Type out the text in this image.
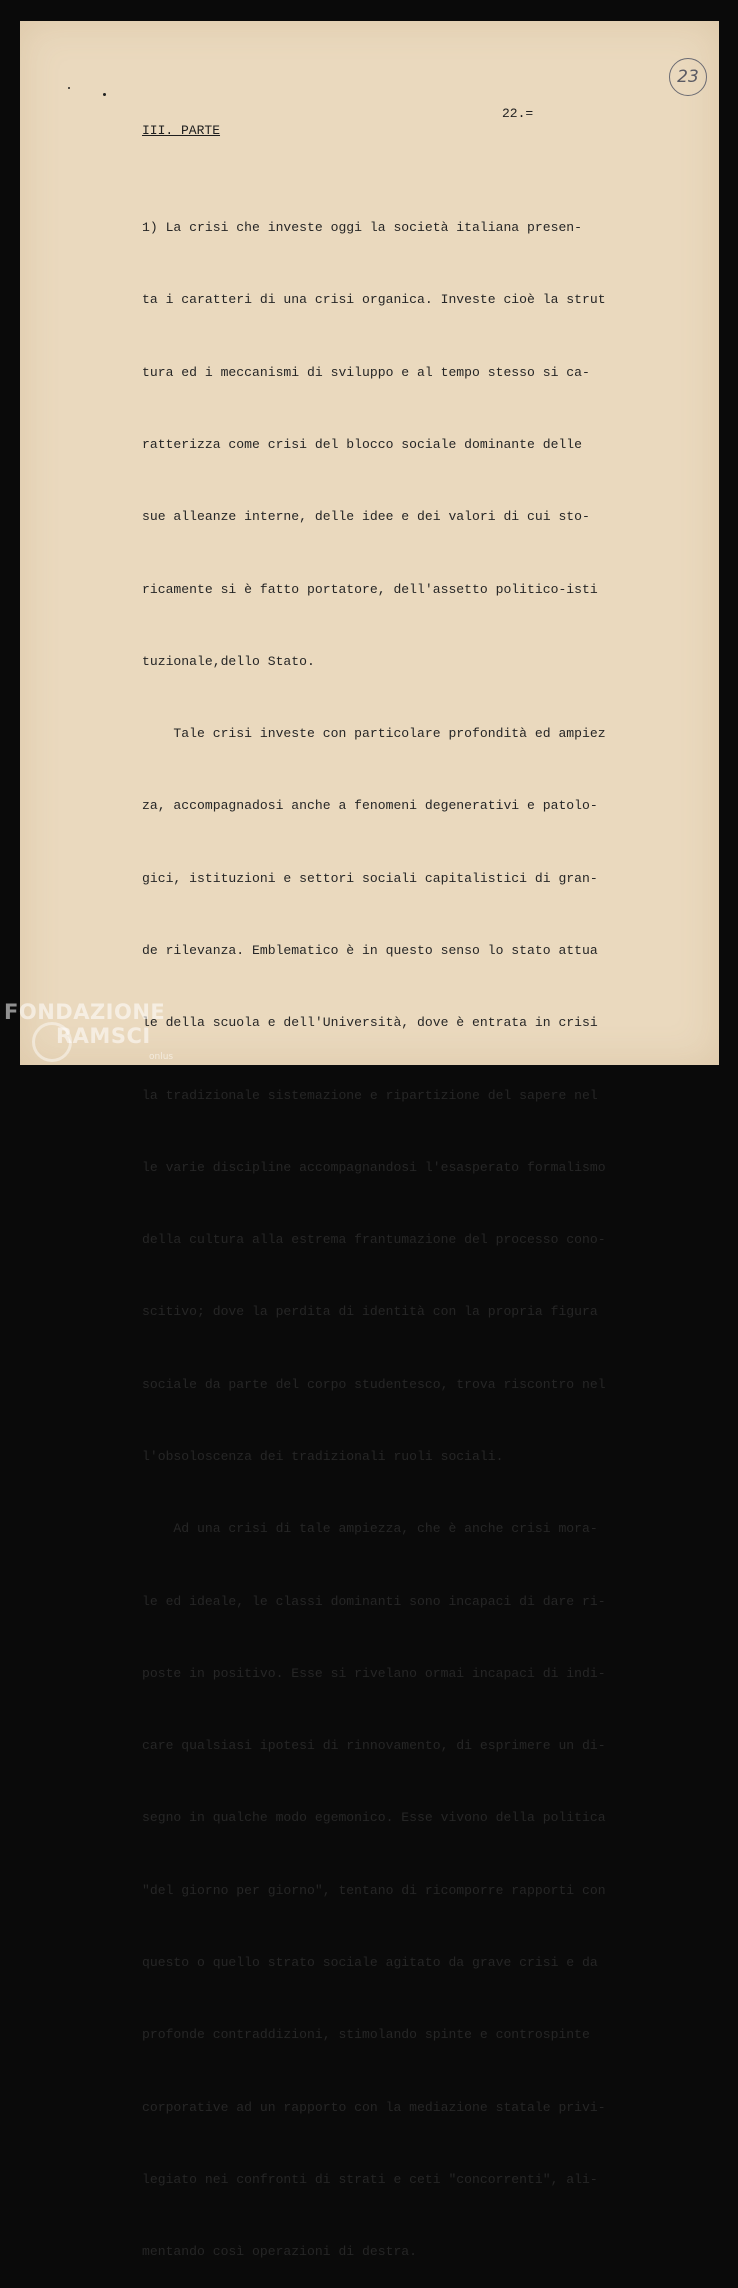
23
22.=
III. PARTE

1) La crisi che investe oggi la società italiana presen-

ta i caratteri di una crisi organica. Investe cioè la strut

tura ed i meccanismi di sviluppo e al tempo stesso si ca-

ratterizza come crisi del blocco sociale dominante delle

sue alleanze interne, delle idee e dei valori di cui sto-

ricamente si è fatto portatore, dell'assetto politico-isti

tuzionale,dello Stato.

Tale crisi investe con particolare profondità ed ampiez

za, accompagnadosi anche a fenomeni degenerativi e patolo-

gici, istituzioni e settori sociali capitalistici di gran-

de rilevanza. Emblematico è in questo senso lo stato attua

le della scuola e dell'Università, dove è entrata in crisi

la tradizionale sistemazione e ripartizione del sapere nel

le varie discipline accompagnandosi l'esasperato formalismo

della cultura alla estrema frantumazione del processo cono-

scitivo; dove la perdita di identità con la propria figura

sociale da parte del corpo studentesco, trova riscontro nel

l'obsoloscenza dei tradizionali ruoli sociali.

Ad una crisi di tale ampiezza, che è anche crisi mora-

le ed ideale, le classi dominanti sono incapaci di dare ri-

poste in positivo. Esse si rivelano ormai incapaci di indi-

care qualsiasi ipotesi di rinnovamento, di esprimere un di-

segno in qualche modo egemonico. Esse vivono della politica

"del giorno per giorno", tentano di ricomporre rapporti con

questo o quello strato sociale agitato da grave crisi e da

profonde contraddizioni, stimolando spinte e controspinte

corporative ad un rapporto con la mediazione statale privi-

legiato nei confronti di strati e ceti "concorrenti", ali-

mentando così operazioni di destra.

FONDAZIONE
RAMSCI
onlus
